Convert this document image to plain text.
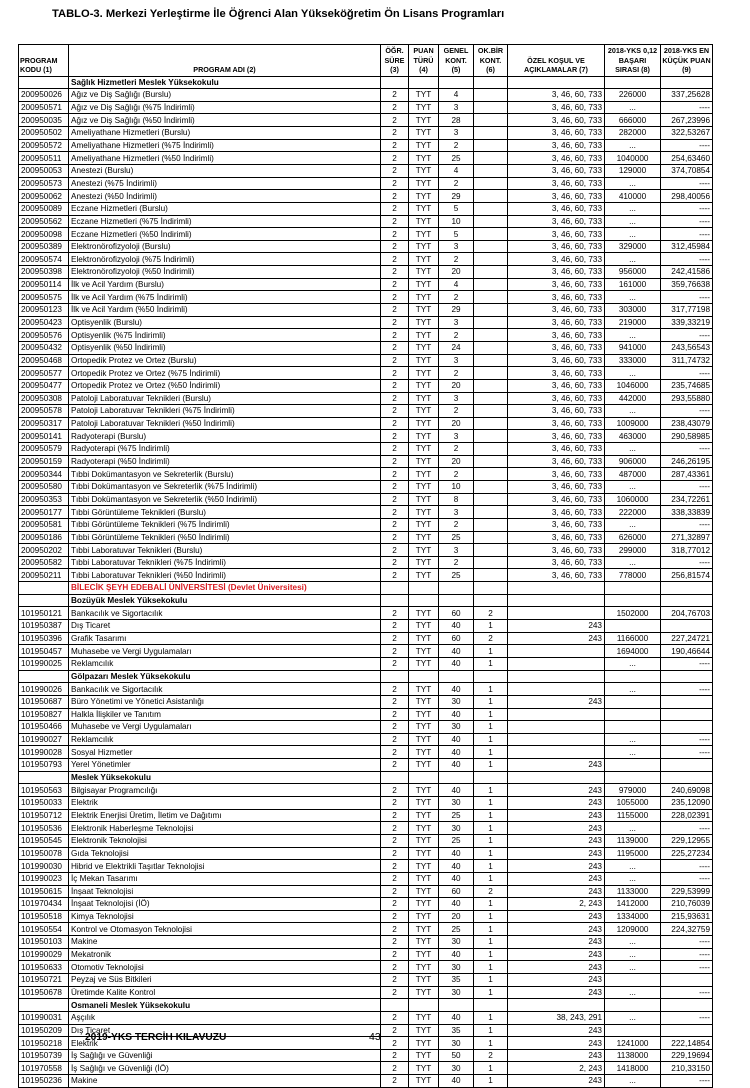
TABLO-3. Merkezi Yerleştirme İle Öğrenci Alan Yükseköğretim Ön Lisans Programları
PROGRAM KODU (1)	PROGRAM ADI (2)	ÖĞR. SÜRE (3)	PUAN TÜRÜ (4)	GENEL KONT. (5)	OK.BİR KONT. (6)	ÖZEL KOŞUL VE AÇIKLAMALAR (7)	2018-YKS 0,12 BAŞARI SIRASI (8)	2018-YKS EN KÜÇÜK PUAN (9)
	Sağlık Hizmetleri Meslek Yüksekokulu							
200950026	Ağız ve Diş Sağlığı (Burslu)	2	TYT	4		3, 46, 60, 733	226000	337,25628
200950571	Ağız ve Diş Sağlığı (%75 İndirimli)	2	TYT	3		3, 46, 60, 733	...	----
200950035	Ağız ve Diş Sağlığı (%50 İndirimli)	2	TYT	28		3, 46, 60, 733	666000	267,23996
200950502	Ameliyathane Hizmetleri (Burslu)	2	TYT	3		3, 46, 60, 733	282000	322,53267
200950572	Ameliyathane Hizmetleri (%75 İndirimli)	2	TYT	2		3, 46, 60, 733	...	----
200950511	Ameliyathane Hizmetleri (%50 İndirimli)	2	TYT	25		3, 46, 60, 733	1040000	254,63460
200950053	Anestezi (Burslu)	2	TYT	4		3, 46, 60, 733	129000	374,70854
200950573	Anestezi (%75 İndirimli)	2	TYT	2		3, 46, 60, 733	...	----
200950062	Anestezi (%50 İndirimli)	2	TYT	29		3, 46, 60, 733	410000	298,40056
200950089	Eczane Hizmetleri (Burslu)	2	TYT	5		3, 46, 60, 733	...	----
200950562	Eczane Hizmetleri (%75 İndirimli)	2	TYT	10		3, 46, 60, 733	...	----
200950098	Eczane Hizmetleri (%50 İndirimli)	2	TYT	5		3, 46, 60, 733	...	----
200950389	Elektronörofizyoloji (Burslu)	2	TYT	3		3, 46, 60, 733	329000	312,45984
200950574	Elektronörofizyoloji (%75 İndirimli)	2	TYT	2		3, 46, 60, 733	...	----
200950398	Elektronörofizyoloji (%50 İndirimli)	2	TYT	20		3, 46, 60, 733	956000	242,41586
200950114	İlk ve Acil Yardım (Burslu)	2	TYT	4		3, 46, 60, 733	161000	359,76638
200950575	İlk ve Acil Yardım (%75 İndirimli)	2	TYT	2		3, 46, 60, 733	...	----
200950123	İlk ve Acil Yardım (%50 İndirimli)	2	TYT	29		3, 46, 60, 733	303000	317,77198
200950423	Optisyenlik (Burslu)	2	TYT	3		3, 46, 60, 733	219000	339,33219
200950576	Optisyenlik (%75 İndirimli)	2	TYT	2		3, 46, 60, 733	...	----
200950432	Optisyenlik (%50 İndirimli)	2	TYT	24		3, 46, 60, 733	941000	243,56543
200950468	Ortopedik Protez ve Ortez (Burslu)	2	TYT	3		3, 46, 60, 733	333000	311,74732
200950577	Ortopedik Protez ve Ortez (%75 İndirimli)	2	TYT	2		3, 46, 60, 733	...	----
200950477	Ortopedik Protez ve Ortez (%50 İndirimli)	2	TYT	20		3, 46, 60, 733	1046000	235,74685
200950308	Patoloji Laboratuvar Teknikleri (Burslu)	2	TYT	3		3, 46, 60, 733	442000	293,55880
200950578	Patoloji Laboratuvar Teknikleri (%75 İndirimli)	2	TYT	2		3, 46, 60, 733	...	----
200950317	Patoloji Laboratuvar Teknikleri (%50 İndirimli)	2	TYT	20		3, 46, 60, 733	1009000	238,43079
200950141	Radyoterapi (Burslu)	2	TYT	3		3, 46, 60, 733	463000	290,58985
200950579	Radyoterapi (%75 İndirimli)	2	TYT	2		3, 46, 60, 733	...	----
200950159	Radyoterapi (%50 İndirimli)	2	TYT	20		3, 46, 60, 733	906000	246,26195
200950344	Tıbbi Dokümantasyon ve Sekreterlik (Burslu)	2	TYT	2		3, 46, 60, 733	487000	287,43361
200950580	Tıbbi Dokümantasyon ve Sekreterlik (%75 İndirimli)	2	TYT	10		3, 46, 60, 733	...	----
200950353	Tıbbi Dokümantasyon ve Sekreterlik (%50 İndirimli)	2	TYT	8		3, 46, 60, 733	1060000	234,72261
200950177	Tıbbi Görüntüleme Teknikleri (Burslu)	2	TYT	3		3, 46, 60, 733	222000	338,33839
200950581	Tıbbi Görüntüleme Teknikleri (%75 İndirimli)	2	TYT	2		3, 46, 60, 733	...	----
200950186	Tıbbi Görüntüleme Teknikleri (%50 İndirimli)	2	TYT	25		3, 46, 60, 733	626000	271,32897
200950202	Tıbbi Laboratuvar Teknikleri (Burslu)	2	TYT	3		3, 46, 60, 733	299000	318,77012
200950582	Tıbbi Laboratuvar Teknikleri (%75 İndirimli)	2	TYT	2		3, 46, 60, 733	...	----
200950211	Tıbbi Laboratuvar Teknikleri (%50 İndirimli)	2	TYT	25		3, 46, 60, 733	778000	256,81574
	BİLECİK ŞEYH EDEBALİ ÜNİVERSİTESİ (Devlet Üniversitesi)							
	Bozüyük Meslek Yüksekokulu							
101950121	Bankacılık ve Sigortacılık	2	TYT	60	2		1502000	204,76703
101950387	Dış Ticaret	2	TYT	40	1	243		
101950396	Grafik Tasarımı	2	TYT	60	2	243	1166000	227,24721
101950457	Muhasebe ve Vergi Uygulamaları	2	TYT	40	1		1694000	190,46644
101990025	Reklamcılık	2	TYT	40	1		...	----
	Gölpazarı Meslek Yüksekokulu							
101990026	Bankacılık ve Sigortacılık	2	TYT	40	1		...	----
101950687	Büro Yönetimi ve Yönetici Asistanlığı	2	TYT	30	1	243		
101950827	Halkla İlişkiler ve Tanıtım	2	TYT	40	1			
101950466	Muhasebe ve Vergi Uygulamaları	2	TYT	30	1			
101990027	Reklamcılık	2	TYT	40	1		...	----
101990028	Sosyal Hizmetler	2	TYT	40	1		...	----
101950793	Yerel Yönetimler	2	TYT	40	1	243		
	Meslek Yüksekokulu							
101950563	Bilgisayar Programcılığı	2	TYT	40	1	243	979000	240,69098
101950033	Elektrik	2	TYT	30	1	243	1055000	235,12090
101950712	Elektrik Enerjisi Üretim, İletim ve Dağıtımı	2	TYT	25	1	243	1155000	228,02391
101950536	Elektronik Haberleşme Teknolojisi	2	TYT	30	1	243	...	----
101950545	Elektronik Teknolojisi	2	TYT	25	1	243	1139000	229,12955
101950078	Gıda Teknolojisi	2	TYT	40	1	243	1195000	225,27234
101990030	Hibrid ve Elektrikli Taşıtlar Teknolojisi	2	TYT	40	1	243	...	----
101990023	İç Mekan Tasarımı	2	TYT	40	1	243	...	----
101950615	İnşaat Teknolojisi	2	TYT	60	2	243	1133000	229,53999
101970434	İnşaat Teknolojisi (İÖ)	2	TYT	40	1	2, 243	1412000	210,76039
101950518	Kimya Teknolojisi	2	TYT	20	1	243	1334000	215,93631
101950554	Kontrol ve Otomasyon Teknolojisi	2	TYT	25	1	243	1209000	224,32759
101950103	Makine	2	TYT	30	1	243	...	----
101990029	Mekatronik	2	TYT	40	1	243	...	----
101950633	Otomotiv Teknolojisi	2	TYT	30	1	243	...	----
101950721	Peyzaj ve Süs Bitkileri	2	TYT	35	1	243		
101950678	Üretimde Kalite Kontrol	2	TYT	30	1	243	...	----
	Osmaneli Meslek Yüksekokulu							
101990031	Aşçılık	2	TYT	40	1	38, 243, 291	...	----
101950209	Dış Ticaret	2	TYT	35	1	243		
101950218	Elektrik	2	TYT	30	1	243	1241000	222,14854
101950739	İş Sağlığı ve Güvenliği	2	TYT	50	2	243	1138000	229,19694
101970558	İş Sağlığı ve Güvenliği (İÖ)	2	TYT	30	1	2, 243	1418000	210,33150
101950236	Makine	2	TYT	40	1	243	...	----
2019-YKS TERCİH KILAVUZU	43
